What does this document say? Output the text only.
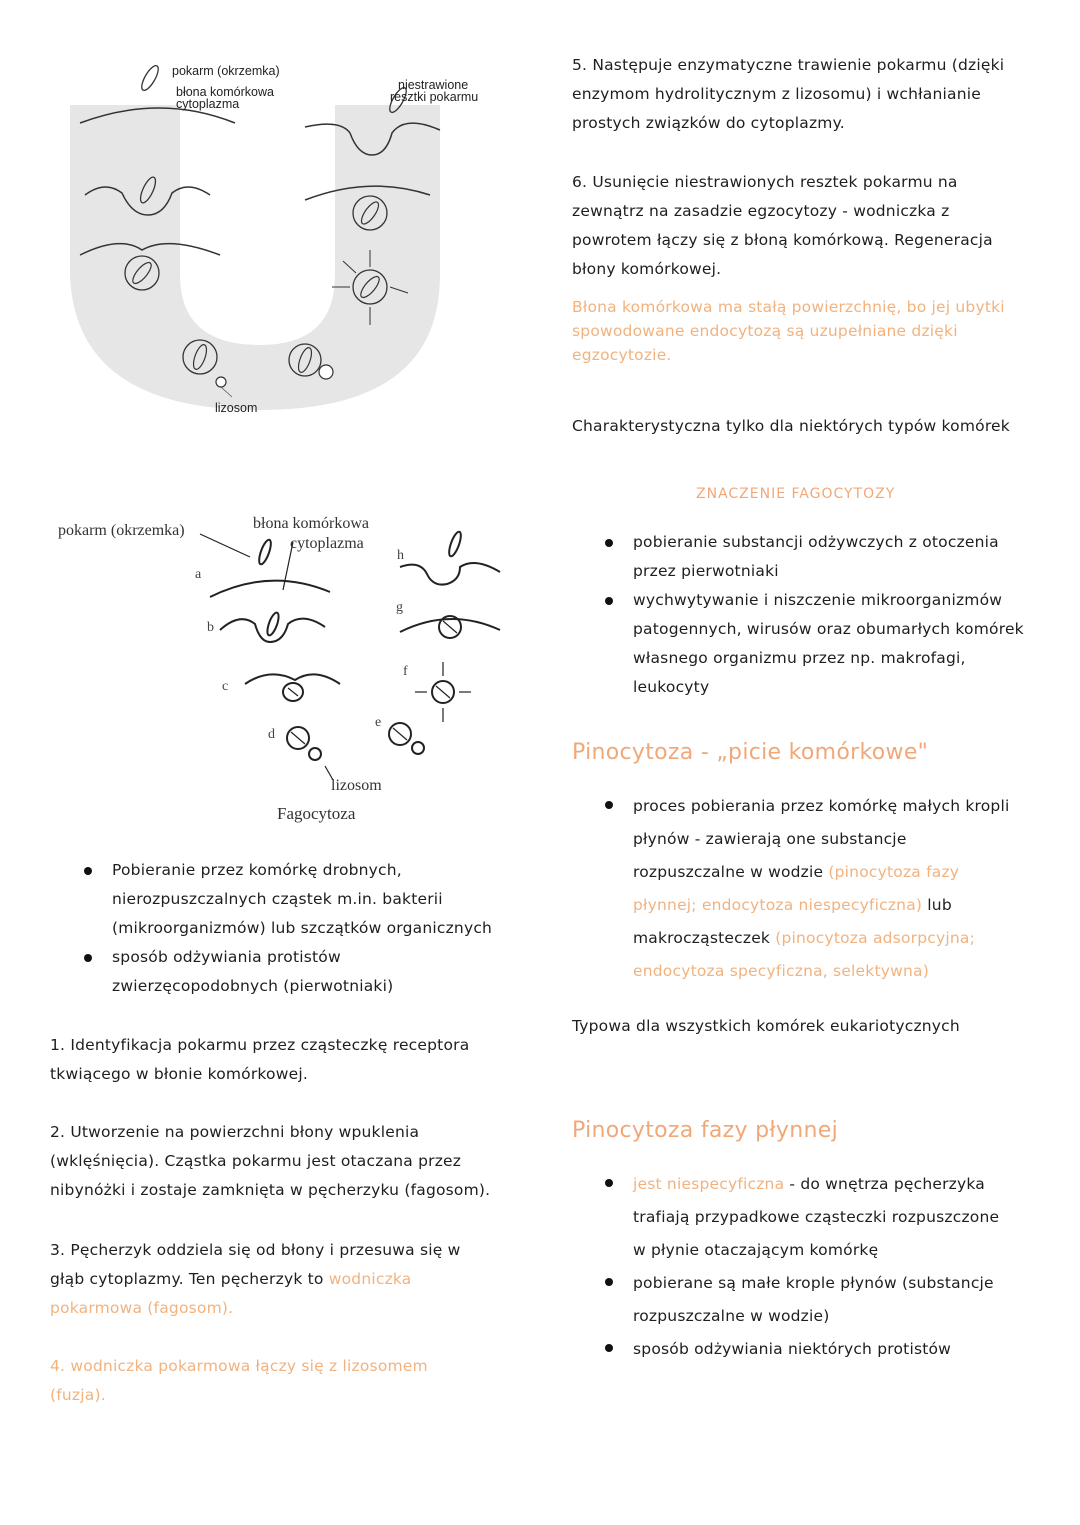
pokarm (okrzemka)
błona komórkowa
cytoplazma
niestrawione
resztki pokarmu
lizosom
pokarm (okrzemka)	błona komórkowa
cytoplazma
lizosom
Fagocytoza
a
b
c
d
e
f
g
h
Pobieranie przez komórkę drobnych,
nierozpuszczalnych cząstek m.in. bakterii
(mikroorganizmów) lub szczątków organicznych
sposób odżywiania protistów
zwierzęcopodobnych (pierwotniaki)
1. Identyfikacja pokarmu przez cząsteczkę receptora
tkwiącego w błonie komórkowej.
2. Utworzenie na powierzchni błony wpuklenia
(wklęśnięcia). Cząstka pokarmu jest otaczana przez
nibynóżki i zostaje zamknięta w pęcherzyku (fagosom).
3. Pęcherzyk oddziela się od błony i przesuwa się w
głąb cytoplazmy. Ten pęcherzyk to wodniczka
pokarmowa (fagosom).
4. wodniczka pokarmowa łączy się z lizosomem
(fuzja).
5. Następuje enzymatyczne trawienie pokarmu (dzięki
enzymom hydrolitycznym z lizosomu) i wchłanianie
prostych związków do cytoplazmy.
6. Usunięcie niestrawionych resztek pokarmu na
zewnątrz na zasadzie egzocytozy - wodniczka z
powrotem łączy się z błoną komórkową. Regeneracja
błony komórkowej.
Błona komórkowa ma stałą powierzchnię, bo jej ubytki
spowodowane endocytozą są uzupełniane dzięki
egzocytozie.
Charakterystyczna tylko dla niektórych typów komórek
ZNACZENIE FAGOCYTOZY
pobieranie substancji odżywczych z otoczenia
przez pierwotniaki
wychwytywanie i niszczenie mikroorganizmów
patogennych, wirusów oraz obumarłych komórek
własnego organizmu przez np. makrofagi,
leukocyty
Pinocytoza - „picie komórkowe"
proces pobierania przez komórkę małych kropli
płynów - zawierają one substancje
rozpuszczalne w wodzie (pinocytoza fazy
płynnej; endocytoza niespecyficzna) lub
makrocząsteczek (pinocytoza adsorpcyjna;
endocytoza specyficzna, selektywna)
Typowa dla wszystkich komórek eukariotycznych
Pinocytoza fazy płynnej
jest niespecyficzna - do wnętrza pęcherzyka
trafiają przypadkowe cząsteczki rozpuszczone
w płynie otaczającym komórkę
pobierane są małe krople płynów (substancje
rozpuszczalne w wodzie)
sposób odżywiania niektórych protistów
